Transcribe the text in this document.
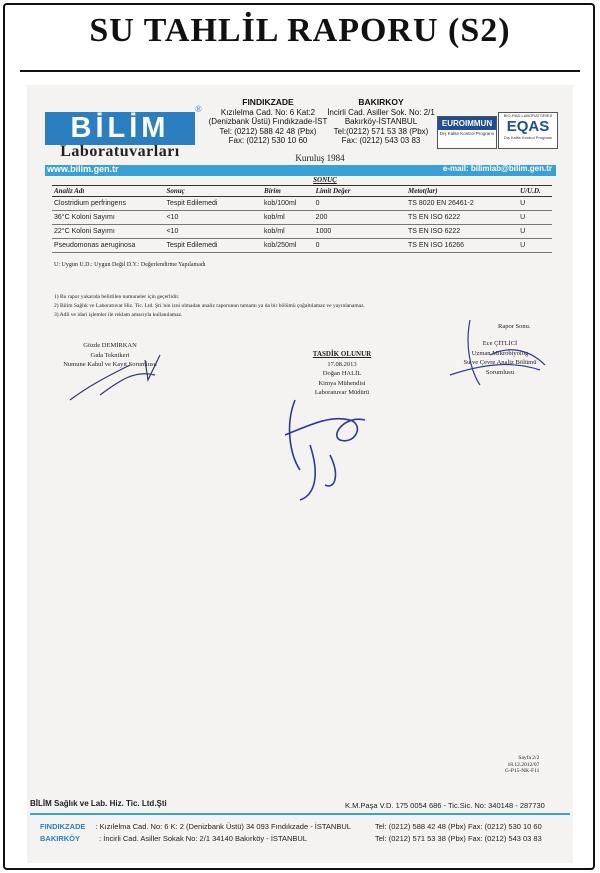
SU TAHLİL RAPORU (S2)
BİLİM
®
Laboratuvarları
FINDIKZADE
Kızılelma Cad. No: 6 Kat:2
(Denizbank Üstü) Fındıkzade-İST
Tel: (0212) 588 42 48 (Pbx)
Fax: (0212) 530 10 60
BAKIRKOY
İncirli Cad. Asiller Sok. No: 2/1
Bakırköy-İSTANBUL
Tel:(0212) 571 53 38 (Pbx)
Fax: (0212) 543 03 83
EUROIMMUN
Dış Kalite Kontrol Programı
BIO-RAD LABORATORIES
EQAS
Dış Kalite Kontrol Programı
Kuruluş 1984
www.bilim.gen.tr	e-mail: bilimlab@bilim.gen.tr
SONUÇ
Analiz Adı	Sonuç	Birim	Limit Değer	Metot(lar)	U/U.D.
Clostridium perfringens	Tespit Edilemedi	kob/100ml	0	TS 8020 EN 26461-2	U
36°C Koloni Sayımı	<10	kob/ml	200	TS EN ISO 6222	U
22°C Koloni Sayımı	<10	kob/ml	1000	TS EN ISO 6222	U
Pseudomonas aeruginosa	Tespit Edilemedi	kob/250ml	0	TS EN ISO 16266	U
U: Uygun U.D.: Uygun Değil D.Y.: Değerlendirme Yapılamadı
1) Bu rapor yukarıda belirtilen numuneler için geçerlidir.
2) Bilim Sağlık ve Laboratuvar Hiz. Tic. Ltd. Şti.'nin izni olmadan analiz raporunun tamamı ya da bir bölümü çoğaltılamaz ve yayınlanamaz.
3) Adli ve idari işlemler ile reklam amacıyla kullanılamaz.
Gözde DEMİRKAN
Gıda Teknikeri
Numune Kabul ve Kayıt Sorumlusu
TASDİK OLUNUR
17.08.2013
Doğan HALİL
Kimya Mühendisi
Laboratuvar Müdürü
Rapor Sonu.
Ece ÇİTLİCİ
Uzman Mikrobiyolog
Su ve Çevre Analiz Bölümü
Sorumlusu
Sayfa 2/2
18.12.2012/07
G-P15-NK-F11
BİLİM Sağlık ve Lab. Hiz. Tic. Ltd.Şti	K.M.Paşa V.D. 175 0054 686 - Tic.Sic. No: 340148 - 287730
FINDIKZADE : Kızılelma Cad. No: 6 K: 2 (Denizbank Üstü) 34 093 Fındıkzade - İSTANBUL	Tel: (0212) 588 42 48 (Pbx) Fax: (0212) 530 10 60
BAKIRKÖY	: İncirli Cad. Asiller Sokak No: 2/1 34140 Bakırköy - İSTANBUL	Tel: (0212) 571 53 38 (Pbx) Fax: (0212) 543 03 83
